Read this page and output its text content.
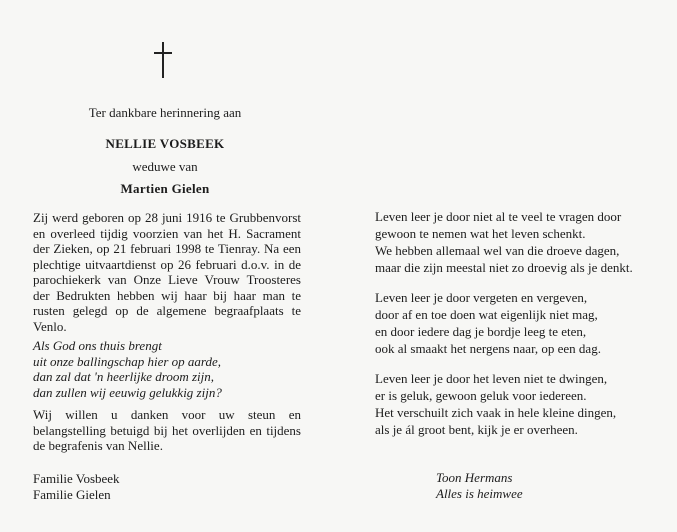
Ter dankbare herinnering aan
NELLIE VOSBEEK
weduwe van
Martien Gielen
Zij werd geboren op 28 juni 1916 te Grubbenvorst en overleed tijdig voorzien van het H. Sacrament der Zieken, op 21 februari 1998 te Tienray. Na een plechtige uitvaartdienst op 26 februari d.o.v. in de parochiekerk van Onze Lieve Vrouw Troosteres der Bedrukten hebben wij haar bij haar man te rusten gelegd op de algemene begraafplaats te Venlo.
Als God ons thuis brengt
uit onze ballingschap hier op aarde,
dan zal dat 'n heerlijke droom zijn,
dan zullen wij eeuwig gelukkig zijn?
Wij willen u danken voor uw steun en belangstelling betuigd bij het overlijden en tijdens de begrafenis van Nellie.
Familie Vosbeek
Familie Gielen
Leven leer je door niet al te veel te vragen door
gewoon te nemen wat het leven schenkt.
We hebben allemaal wel van die droeve dagen,
maar die zijn meestal niet zo droevig als je denkt.
Leven leer je door vergeten en vergeven,
door af en toe doen wat eigenlijk niet mag,
en door iedere dag je bordje leeg te eten,
ook al smaakt het nergens naar, op een dag.
Leven leer je door het leven niet te dwingen,
er is geluk, gewoon geluk voor iedereen.
Het verschuilt zich vaak in hele kleine dingen,
als je ál groot bent, kijk je er overheen.
Toon Hermans
Alles is heimwee
